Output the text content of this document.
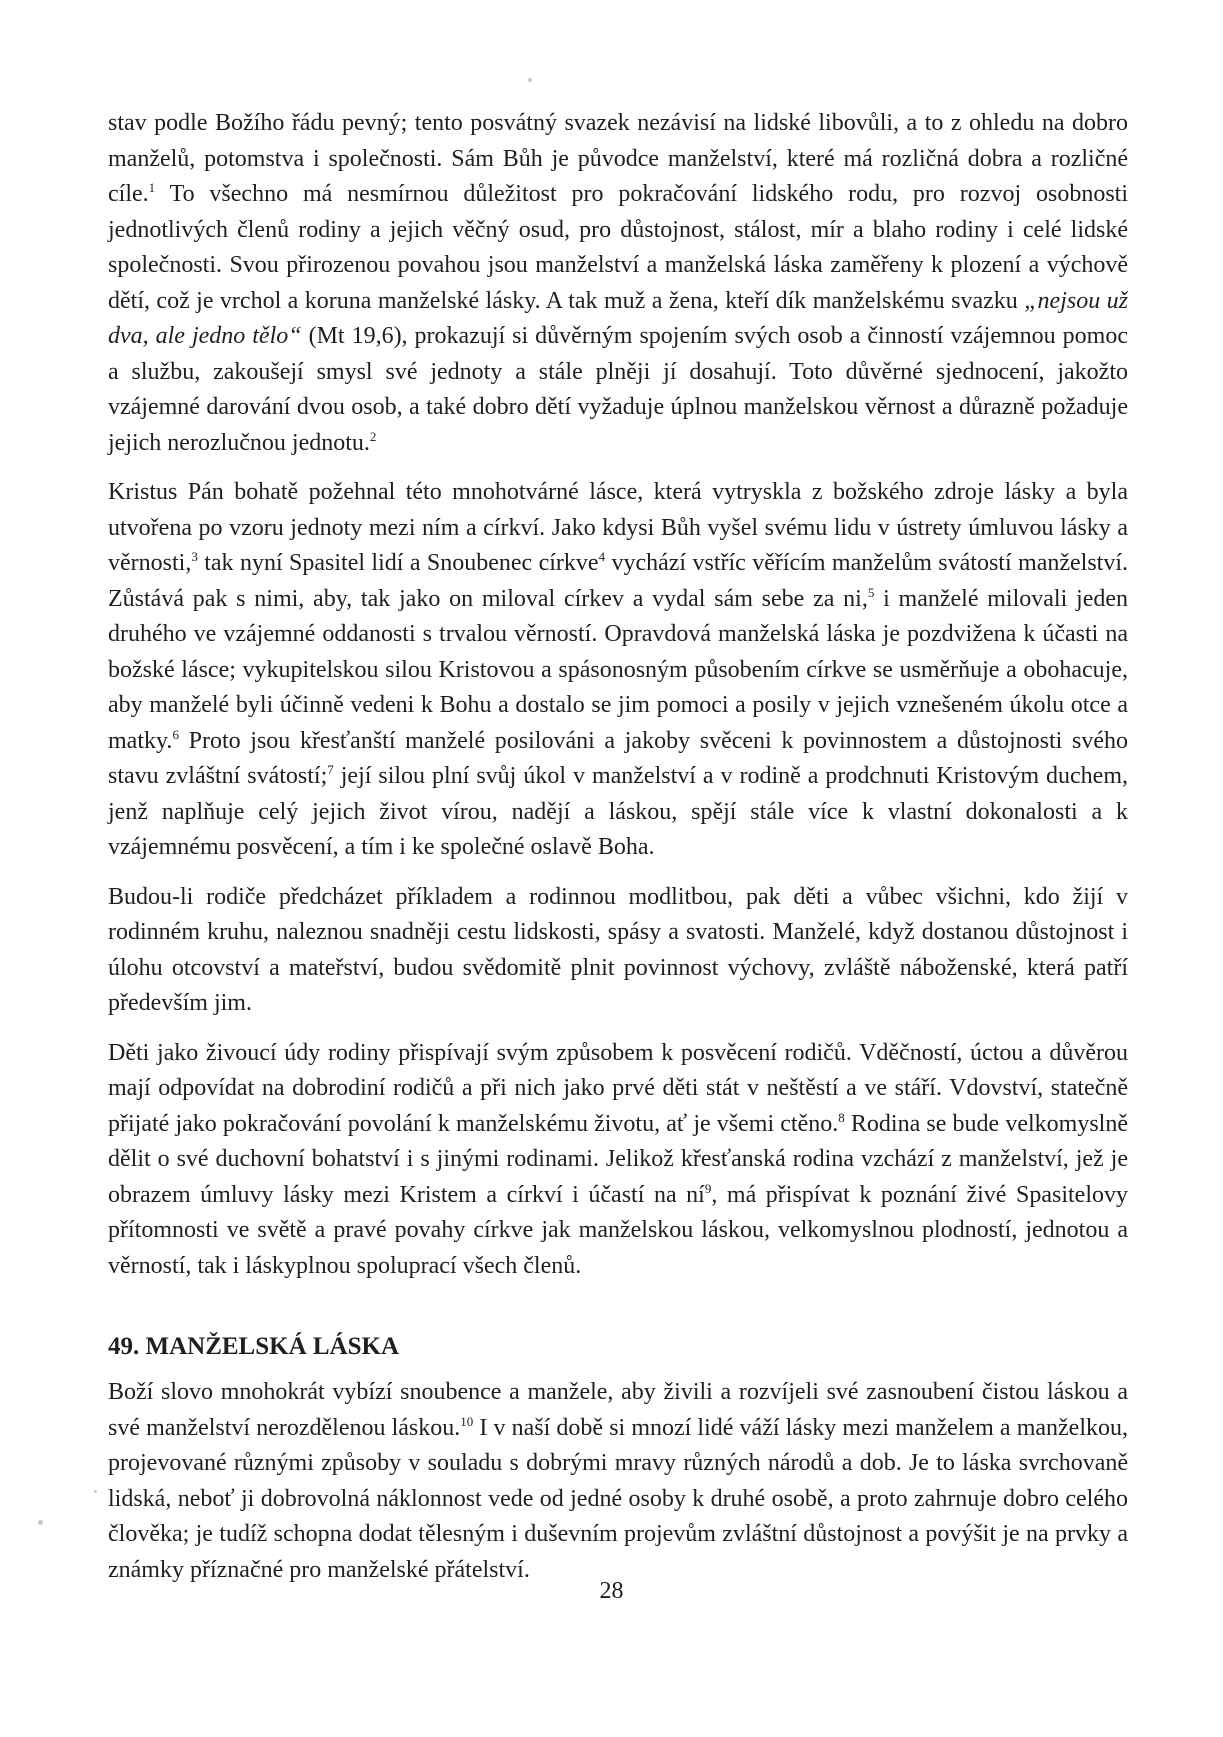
stav podle Božího řádu pevný; tento posvátný svazek nezávisí na lidské libovůli, a to z ohledu na dobro manželů, potomstva i společnosti. Sám Bůh je původce manželství, které má rozličná dobra a rozličné cíle.$^1$ To všechno má nesmírnou důležitost pro pokračování lidského rodu, pro rozvoj osobnosti jednotlivých členů rodiny a jejich věčný osud, pro důstojnost, stálost, mír a blaho rodiny i celé lidské společnosti. Svou přirozenou povahou jsou manželství a manželská láska zaměřeny k plození a výchově dětí, což je vrchol a koruna manželské lásky. A tak muž a žena, kteří dík manželskému svazku „nejsou už dva, ale jedno tělo“ (Mt 19,6), prokazují si důvěrným spojením svých osob a činností vzájemnou pomoc a službu, zakoušejí smysl své jednoty a stále plněji jí dosahují. Toto důvěrné sjednocení, jakožto vzájemné darování dvou osob, a také dobro dětí vyžaduje úplnou manželskou věrnost a důrazně požaduje jejich nerozlučnou jednotu.$^2$

Kristus Pán bohatě požehnal této mnohotvárné lásce, která vytryskla z božského zdroje lásky a byla utvořena po vzoru jednoty mezi ním a církví. Jako kdysi Bůh vyšel svému lidu v ústrety úmluvou lásky a věrnosti,$^3$ tak nyní Spasitel lidí a Snoubenec církve$^4$ vychází vstříc věřícím manželům svátostí manželství. Zůstává pak s nimi, aby, tak jako on miloval církev a vydal sám sebe za ni,$^5$ i manželé milovali jeden druhého ve vzájemné oddanosti s trvalou věrností. Opravdová manželská láska je pozdvižena k účasti na božské lásce; vykupitelskou silou Kristovou a spásonosným působením církve se usměrňuje a obohacuje, aby manželé byli účinně vedeni k Bohu a dostalo se jim pomoci a posily v jejich vznešeném úkolu otce a matky.$^6$ Proto jsou křesťanští manželé posilováni a jakoby svěceni k povinnostem a důstojnosti svého stavu zvláštní svátostí;$^7$ její silou plní svůj úkol v manželství a v rodině a prodchnuti Kristovým duchem, jenž naplňuje celý jejich život vírou, nadějí a láskou, spějí stále více k vlastní dokonalosti a k vzájemnému posvěcení, a tím i ke společné oslavě Boha.

Budou-li rodiče předcházet příkladem a rodinnou modlitbou, pak děti a vůbec všichni, kdo žijí v rodinném kruhu, naleznou snadněji cestu lidskosti, spásy a svatosti. Manželé, když dostanou důstojnost i úlohu otcovství a mateřství, budou svědomitě plnit povinnost výchovy, zvláště náboženské, která patří především jim.

Děti jako živoucí údy rodiny přispívají svým způsobem k posvěcení rodičů. Vděčností, úctou a důvěrou mají odpovídat na dobrodiní rodičů a při nich jako prvé děti stát v neštěstí a ve stáří. Vdovství, statečně přijaté jako pokračování povolání k manželskému životu, ať je všemi ctěno.$^8$ Rodina se bude velkomyslně dělit o své duchovní bohatství i s jinými rodinami. Jelikož křesťanská rodina vzchází z manželství, jež je obrazem úmluvy lásky mezi Kristem a církví i účastí na $ní^9$, má přispívat k poznání živé Spasitelovy přítomnosti ve světě a pravé povahy církve jak manželskou láskou, velkomyslnou plodností, jednotou a věrností, tak i láskyplnou spoluprací všech členů.

49. MANŽELSKÁ LÁSKA

Boží slovo mnohokrát vybízí snoubence a manžele, aby živili a rozvíjeli své zasnoubení čistou láskou a své manželství nerozdělenou láskou.$^{10}$ I v naší době si mnozí lidé váží lásky mezi manželem a manželkou, projevované různými způsoby v souladu s dobrými mravy různých národů a dob. Je to láska svrchovaně lidská, neboť ji dobrovolná náklonnost vede od jedné osoby k druhé osobě, a proto zahrnuje dobro celého člověka; je tudíž schopna dodat tělesným i duševním projevům zvláštní důstojnost a povýšit je na prvky a známky příznačné pro manželské přátelství.

28
